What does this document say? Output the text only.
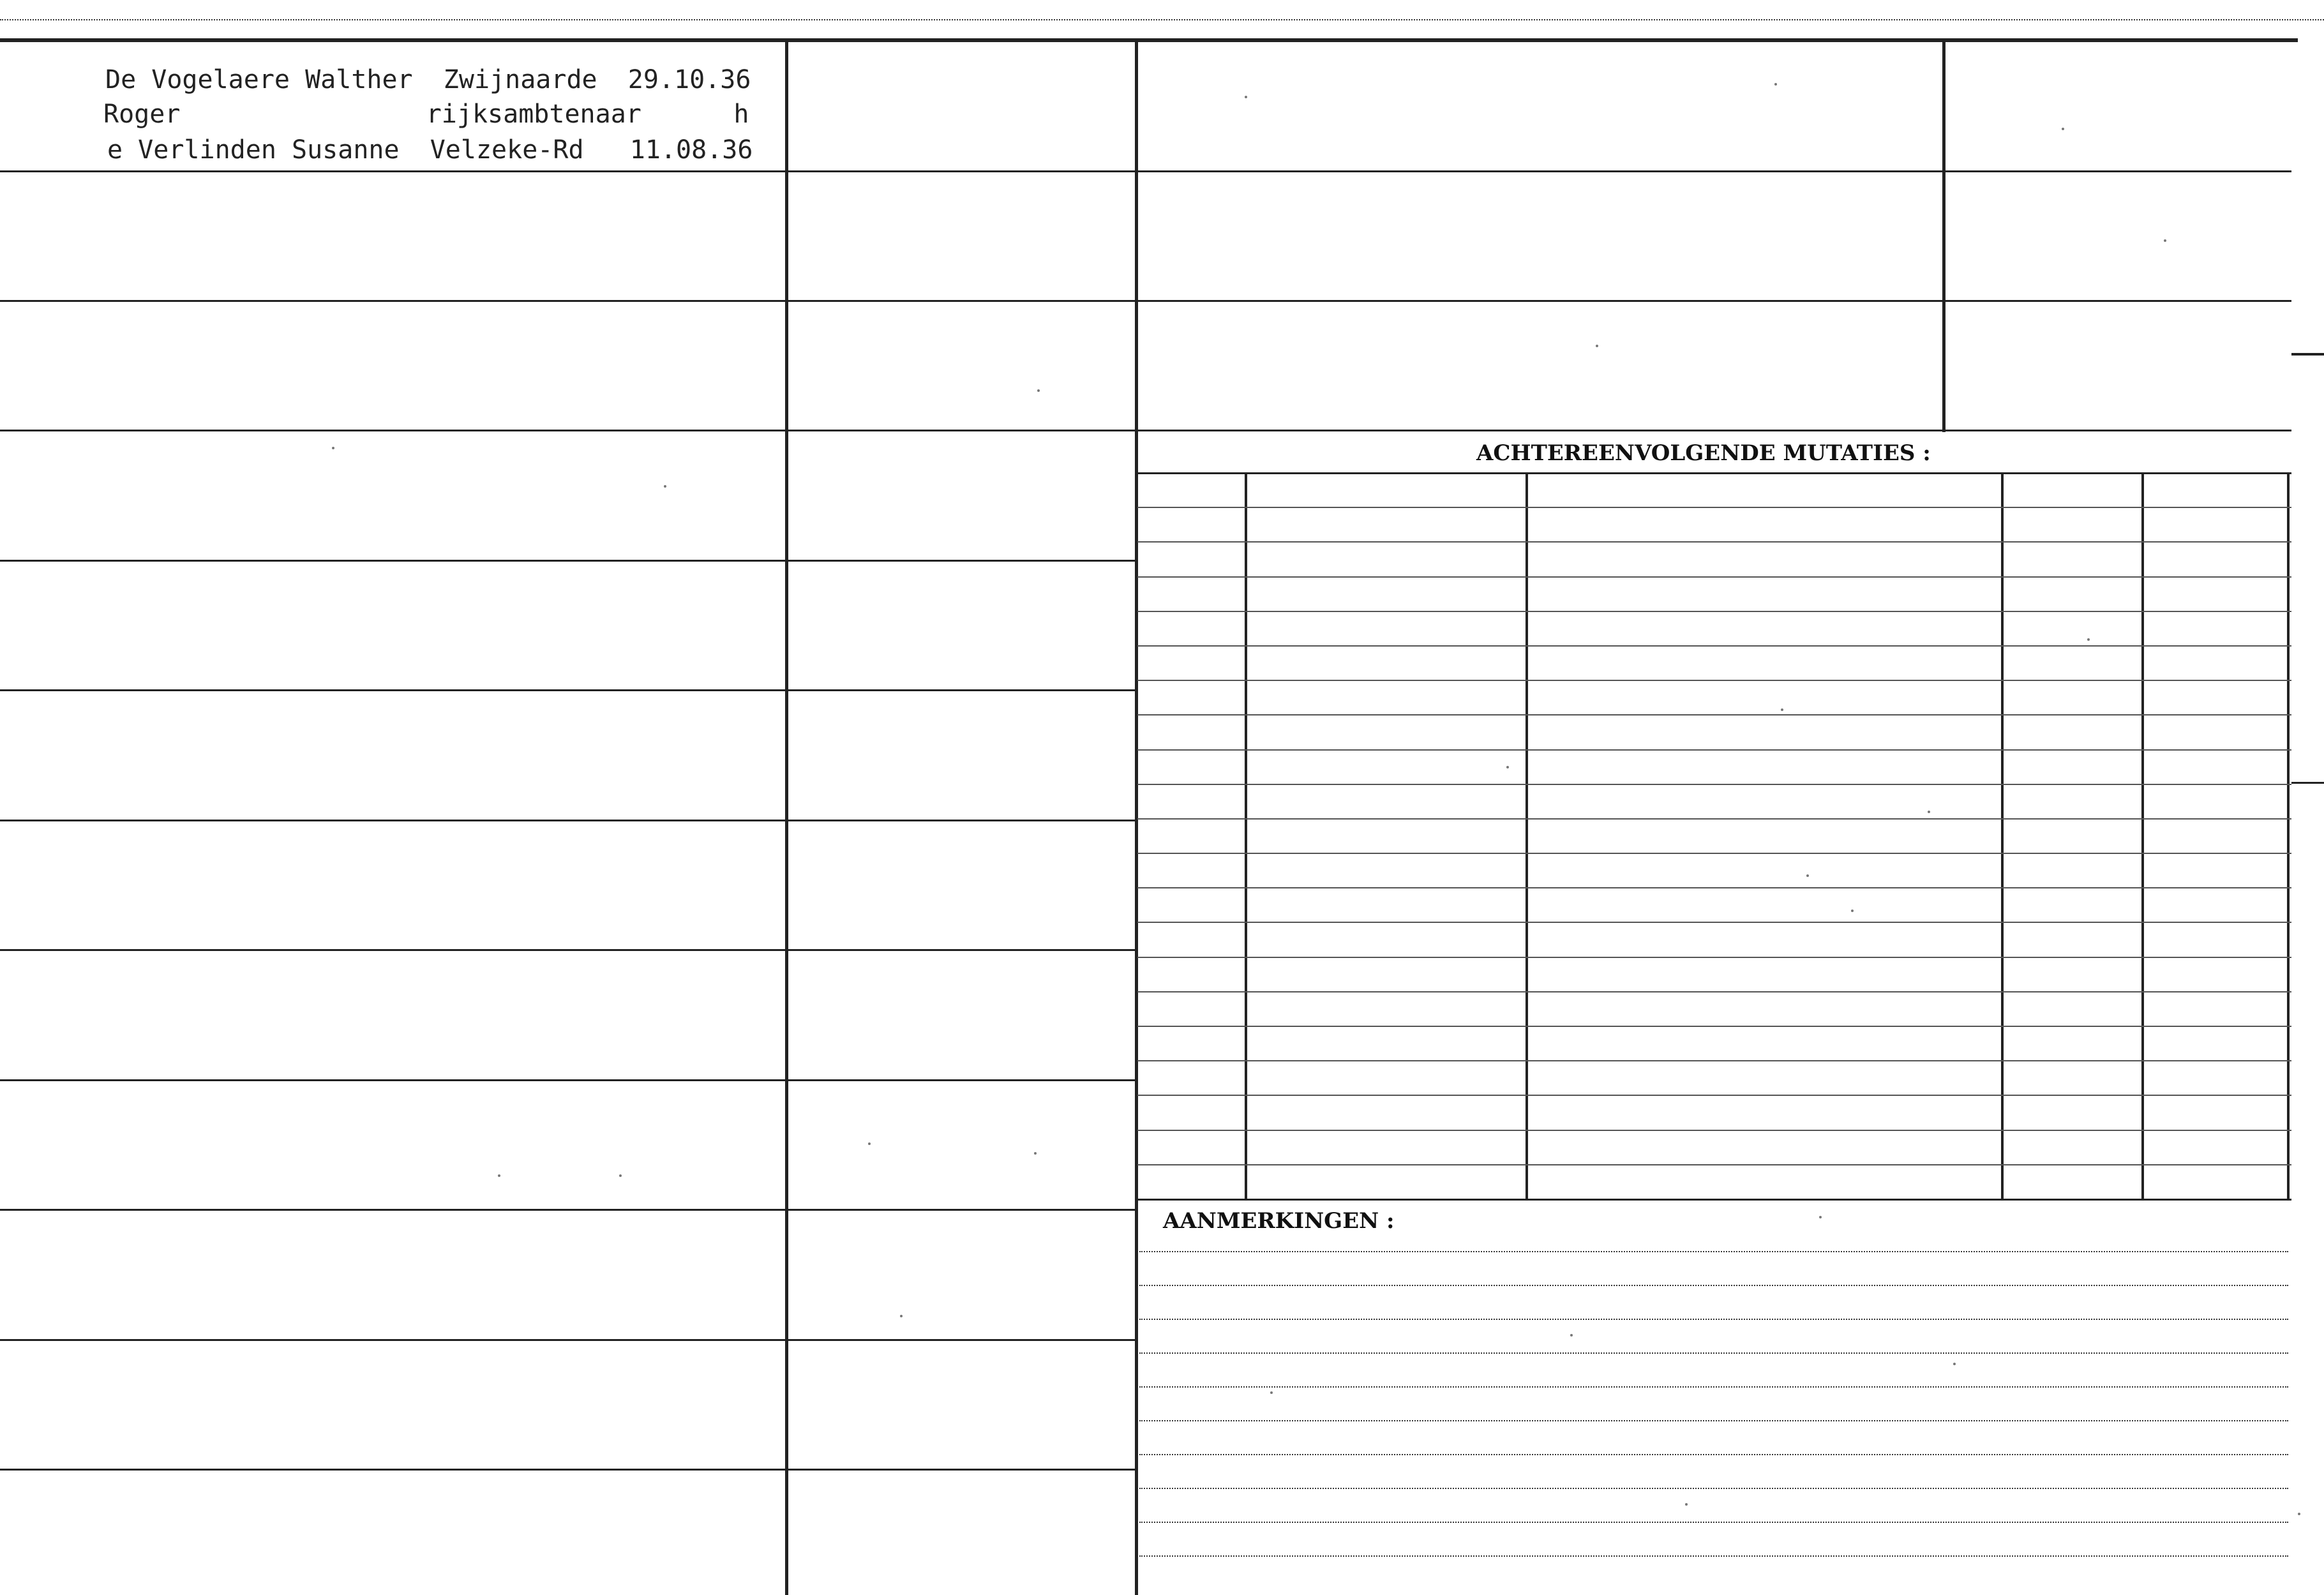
De Vogelaere Walther  Zwijnaarde  29.10.36
Roger                rijksambtenaar      h
e Verlinden Susanne  Velzeke-Rd   11.08.36
ACHTEREENVOLGENDE MUTATIES :
AANMERKINGEN :
